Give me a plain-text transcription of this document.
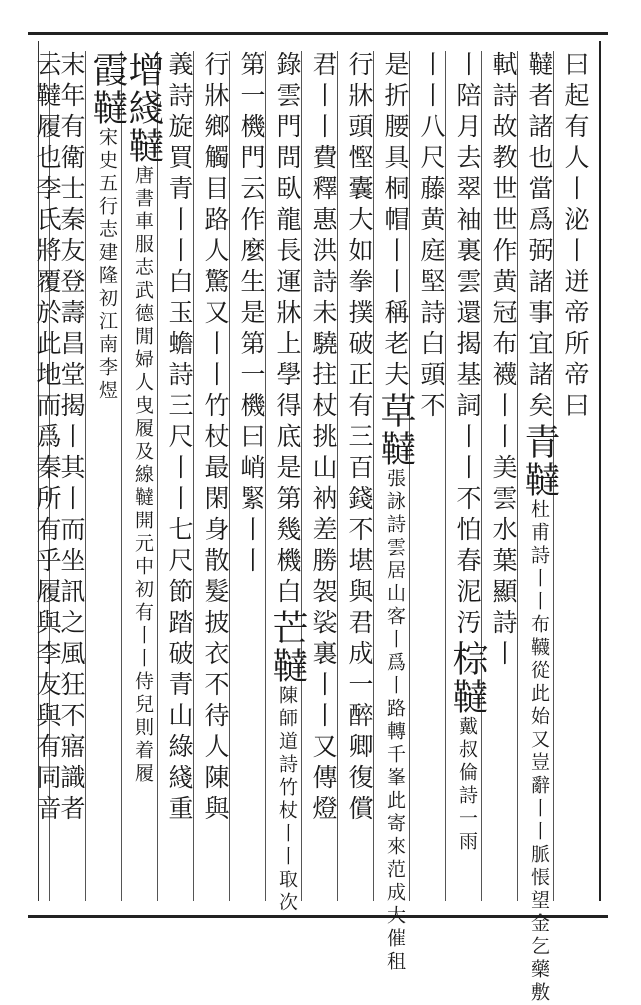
曰起有人丨泌丨迸帝所帝曰
韃者諸也當爲弼諸事宜諸矣青韃杜甫詩丨丨布韈從此始又豈辭丨丨脈悵望金乞藥敷
軾詩故教世世作黄冠布襪丨丨美雲水葉顯詩丨
丨陪月去翠袖裏雲還揭基詞丨丨不怕春泥汚棕韃戴叔倫詩一雨
丨丨八尺藤黄庭堅詩白頭不
是折腰具桐帽丨丨稱老夫草韃張詠詩雲居山客丨爲丨路轉千峯此寄來范成大催租
行牀頭慳囊大如拳撲破正有三百錢不堪與君成一醉卿復償
君丨丨費釋惠洪詩未驍拄杖挑山衲差勝袈裟裏丨丨又傳燈
錄雲門問臥龍長運牀上學得底是第幾機白芒韃陳師道詩竹杖丨丨取次
第一機門云作麼生是第一機曰峭緊丨丨
行牀鄉觸目路人驚又丨丨竹杖最閑身散髮披衣不待人陳與
義詩旋買青丨丨白玉蟾詩三尺丨丨七尺節踏破青山綠綫重
增綫韃唐書車服志武德閒婦人曳履及線韃開元中初有丨丨侍兒則着履
霞韃宋史五行志建隆初江南李煜
末年有衛士秦友登壽昌堂揭丨其丨而坐訊之風狂不寤識者
云韃履也李氏將覆於此地而爲秦所有乎履與李友與有同音
